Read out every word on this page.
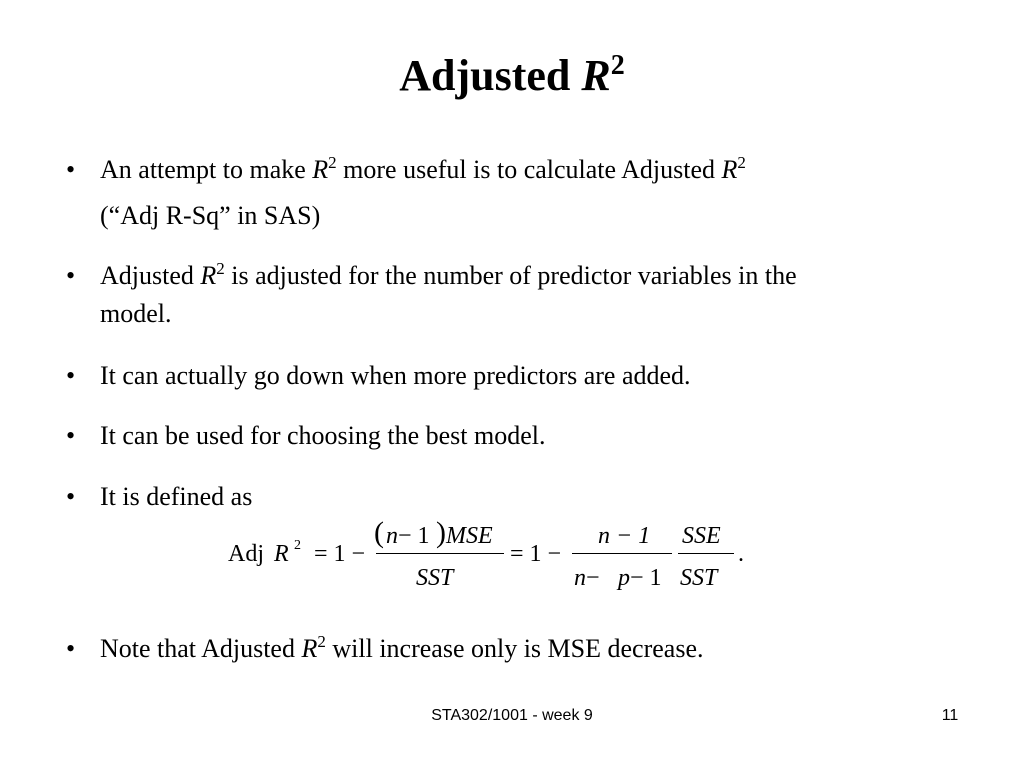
Adjusted $R^2$
• An attempt to make $R^2$ more useful is to calculate Adjusted $R^2$
(“Adj R-Sq” in SAS)
• Adjusted $R^2$ is adjusted for the number of predictor variables in the
model.
• It can actually go down when more predictors are added.
• It can be used for choosing the best model.
• It is defined as
• Note that Adjusted $R^2$ will increase only is MSE decrease.
Adj R 2 = 1 −
( n − 1 ) MSE
SST
= 1 −
n − 1
n − p − 1
SSE
SST
.
STA302/1001 - week 9	11
